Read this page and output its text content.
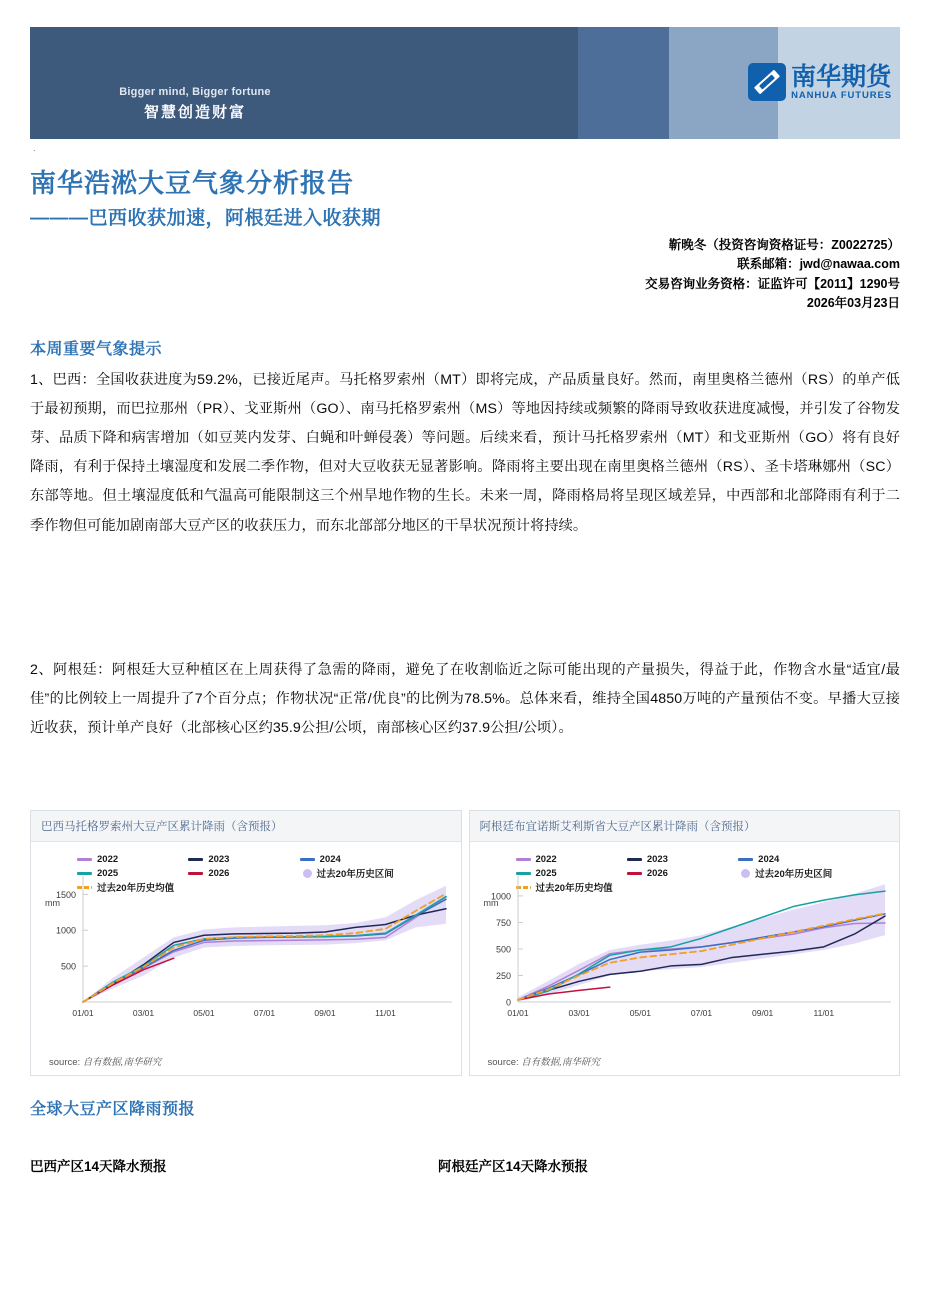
Bigger mind, Bigger fortune
智慧创造财富
南华期货
NANHUA FUTURES
.
南华浩淞大豆气象分析报告
———巴西收获加速，阿根廷进入收获期
靳晚冬（投资咨询资格证号：Z0022725）
联系邮箱：jwd@nawaa.com
交易咨询业务资格：证监许可【2011】1290号
2026年03月23日
本周重要气象提示
1、巴西：全国收获进度为59.2%，已接近尾声。马托格罗索州（MT）即将完成，产品质量良好。然而，南里奥格兰德州（RS）的单产低于最初预期，而巴拉那州（PR）、戈亚斯州（GO）、南马托格罗索州（MS）等地因持续或频繁的降雨导致收获进度减慢，并引发了谷物发芽、品质下降和病害增加（如豆荚内发芽、白蝇和叶蝉侵袭）等问题。后续来看，预计马托格罗索州（MT）和戈亚斯州（GO）将有良好降雨，有利于保持土壤湿度和发展二季作物，但对大豆收获无显著影响。降雨将主要出现在南里奥格兰德州（RS）、圣卡塔琳娜州（SC）东部等地。但土壤湿度低和气温高可能限制这三个州旱地作物的生长。未来一周，降雨格局将呈现区域差异，中西部和北部降雨有利于二季作物但可能加剧南部大豆产区的收获压力，而东北部部分地区的干旱状况预计将持续。
2、阿根廷：阿根廷大豆种植区在上周获得了急需的降雨，避免了在收割临近之际可能出现的产量损失，得益于此，作物含水量“适宜/最佳”的比例较上一周提升了7个百分点；作物状况“正常/优良”的比例为78.5%。总体来看，维持全国4850万吨的产量预估不变。早播大豆接近收获，预计单产良好（北部核心区约35.9公担/公顷，南部核心区约37.9公担/公顷）。
巴西马托格罗索州大豆产区累计降雨（含预报）
2022	2023	2024
2025	2026	过去20年历史区间
过去20年历史均值
mm
500
1000
1500
01/01	03/01	05/01	07/01	09/01	11/01
source: 自有数据,南华研究
阿根廷布宜诺斯艾利斯省大豆产区累计降雨（含预报）
2022	2023	2024
2025	2026	过去20年历史区间
过去20年历史均值
mm
0
250
500
750
1000
01/01	03/01	05/01	07/01	09/01	11/01
source: 自有数据,南华研究
全球大豆产区降雨预报
巴西产区14天降水预报	阿根廷产区14天降水预报
